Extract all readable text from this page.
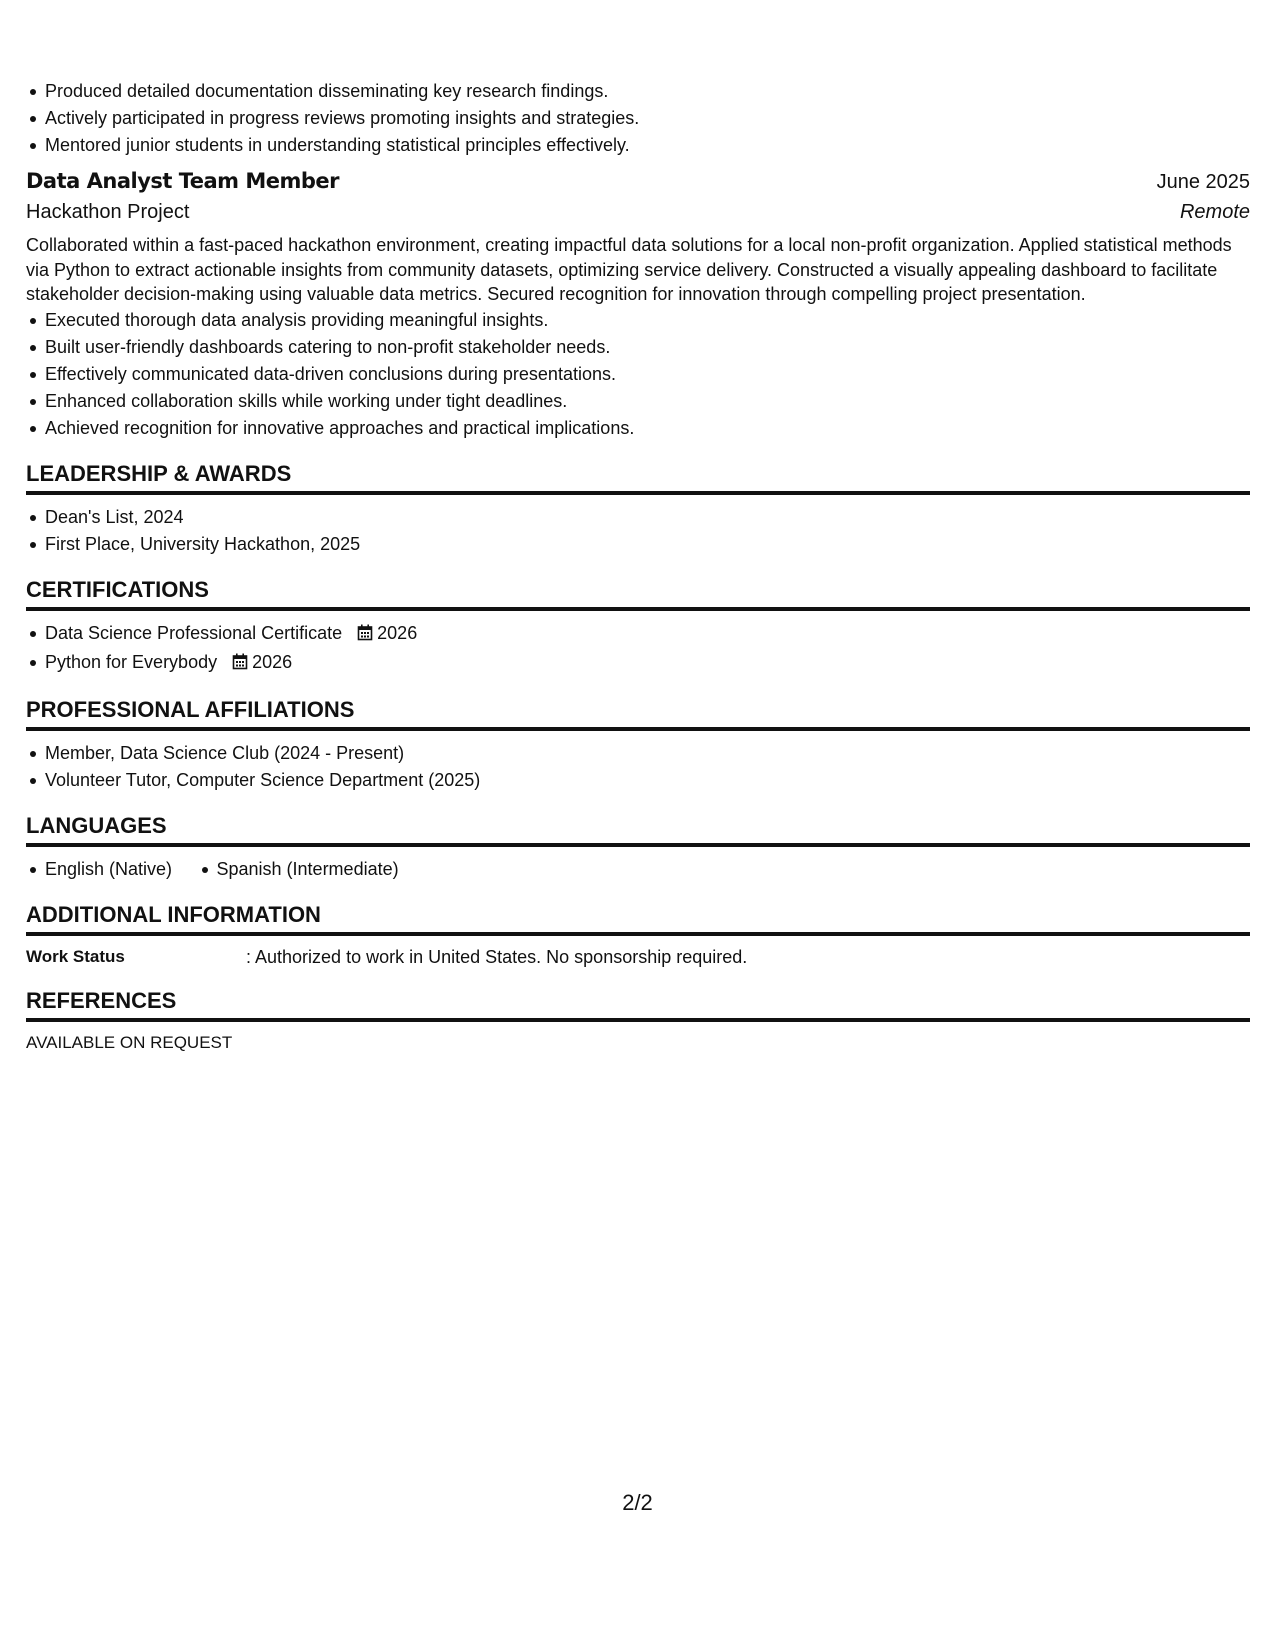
Produced detailed documentation disseminating key research findings.
Actively participated in progress reviews promoting insights and strategies.
Mentored junior students in understanding statistical principles effectively.
Data Analyst Team Member	June 2025
Hackathon Project	Remote
Collaborated within a fast-paced hackathon environment, creating impactful data solutions for a local non-profit organization. Applied statistical methods via Python to extract actionable insights from community datasets, optimizing service delivery. Constructed a visually appealing dashboard to facilitate stakeholder decision-making using valuable data metrics. Secured recognition for innovation through compelling project presentation.
Executed thorough data analysis providing meaningful insights.
Built user-friendly dashboards catering to non-profit stakeholder needs.
Effectively communicated data-driven conclusions during presentations.
Enhanced collaboration skills while working under tight deadlines.
Achieved recognition for innovative approaches and practical implications.
LEADERSHIP & AWARDS
Dean's List, 2024
First Place, University Hackathon, 2025
CERTIFICATIONS
Data Science Professional Certificate 2026
Python for Everybody 2026
PROFESSIONAL AFFILIATIONS
Member, Data Science Club (2024 - Present)
Volunteer Tutor, Computer Science Department (2025)
LANGUAGES
English (Native) Spanish (Intermediate)
ADDITIONAL INFORMATION
Work Status	: Authorized to work in United States. No sponsorship required.
REFERENCES
AVAILABLE ON REQUEST
2/2
